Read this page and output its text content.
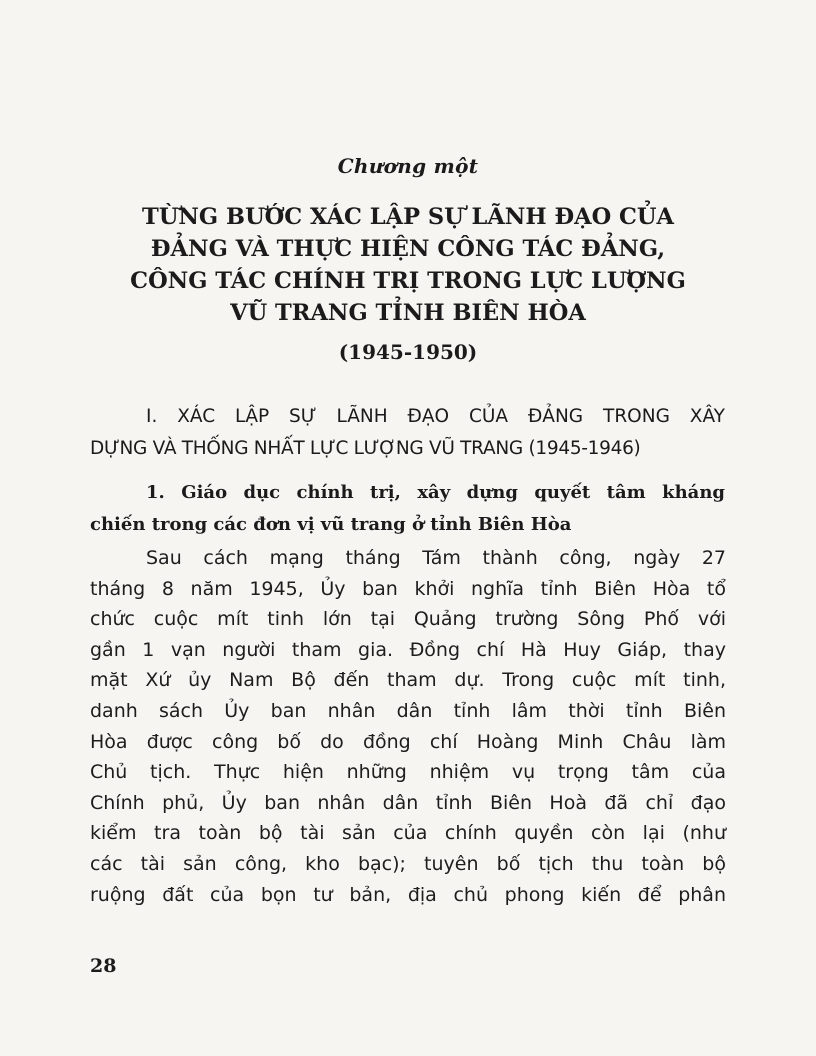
Chương một
TỪNG BƯỚC XÁC LẬP SỰ LÃNH ĐẠO CỦA
ĐẢNG VÀ THỰC HIỆN CÔNG TÁC ĐẢNG,
CÔNG TÁC CHÍNH TRỊ TRONG LỰC LƯỢNG
VŨ TRANG TỈNH BIÊN HÒA
(1945-1950)
I. XÁC LẬP SỰ LÃNH ĐẠO CỦA ĐẢNG TRONG XÂY
DỰNG VÀ THỐNG NHẤT LỰC LƯỢNG VŨ TRANG (1945-1946)
1. Giáo dục chính trị, xây dựng quyết tâm kháng
chiến trong các đơn vị vũ trang ở tỉnh Biên Hòa
Sau cách mạng tháng Tám thành công, ngày 27
tháng 8 năm 1945, Ủy ban khởi nghĩa tỉnh Biên Hòa tổ
chức cuộc mít tinh lớn tại Quảng trường Sông Phố với
gần 1 vạn người tham gia. Đồng chí Hà Huy Giáp, thay
mặt Xứ ủy Nam Bộ đến tham dự. Trong cuộc mít tinh,
danh sách Ủy ban nhân dân tỉnh lâm thời tỉnh Biên
Hòa được công bố do đồng chí Hoàng Minh Châu làm
Chủ tịch. Thực hiện những nhiệm vụ trọng tâm của
Chính phủ, Ủy ban nhân dân tỉnh Biên Hoà đã chỉ đạo
kiểm tra toàn bộ tài sản của chính quyền còn lại (như
các tài sản công, kho bạc); tuyên bố tịch thu toàn bộ
ruộng đất của bọn tư bản, địa chủ phong kiến để phân
28
